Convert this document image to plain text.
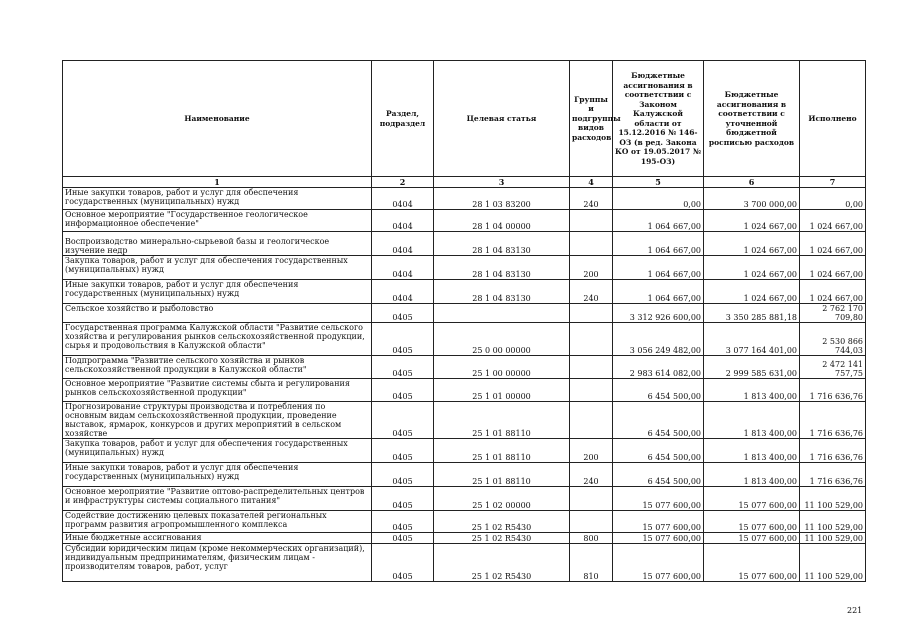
Наименование	Раздел, подраздел	Целевая статья	Группы и подгруппы видов расходов	Бюджетные ассигнования в соответствии с Законом Калужской области от 15.12.2016 № 146-ОЗ (в ред. Закона КО от 19.05.2017 № 195-ОЗ)	Бюджетные ассигнования в соответствии с уточненной бюджетной росписью расходов	Исполнено
1	2	3	4	5	6	7
Иные закупки товаров, работ и услуг для обеспечения государственных (муниципальных) нужд	0404	28 1 03 83200	240	0,00	3 700 000,00	0,00
Основное мероприятие "Государственное геологическое информационное обеспечение"	0404	28 1 04 00000		1 064 667,00	1 024 667,00	1 024 667,00
Воспроизводство минерально-сырьевой базы и геологическое изучение недр	0404	28 1 04 83130		1 064 667,00	1 024 667,00	1 024 667,00
Закупка товаров, работ и услуг для обеспечения государственных (муниципальных) нужд	0404	28 1 04 83130	200	1 064 667,00	1 024 667,00	1 024 667,00
Иные закупки товаров, работ и услуг для обеспечения государственных (муниципальных) нужд	0404	28 1 04 83130	240	1 064 667,00	1 024 667,00	1 024 667,00
Сельское хозяйство и рыболовство	0405			3 312 926 600,00	3 350 285 881,18	2 762 170 709,80
Государственная программа Калужской области "Развитие сельского хозяйства и регулирования рынков сельскохозяйственной продукции, сырья и продовольствия в Калужской области"	0405	25 0 00 00000		3 056 249 482,00	3 077 164 401,00	2 530 866 744,03
Подпрограмма "Развитие сельского хозяйства и рынков сельскохозяйственной продукции в Калужской области"	0405	25 1 00 00000		2 983 614 082,00	2 999 585 631,00	2 472 141 757,75
Основное мероприятие "Развитие системы сбыта и регулирования рынков сельскохозяйственной продукции"	0405	25 1 01 00000		6 454 500,00	1 813 400,00	1 716 636,76
Прогнозирование структуры производства и потребления по основным видам сельскохозяйственной продукции, проведение выставок, ярмарок, конкурсов и других мероприятий в сельском хозяйстве	0405	25 1 01 88110		6 454 500,00	1 813 400,00	1 716 636,76
Закупка товаров, работ и услуг для обеспечения государственных (муниципальных) нужд	0405	25 1 01 88110	200	6 454 500,00	1 813 400,00	1 716 636,76
Иные закупки товаров, работ и услуг для обеспечения государственных (муниципальных) нужд	0405	25 1 01 88110	240	6 454 500,00	1 813 400,00	1 716 636,76
Основное мероприятие "Развитие оптово-распределительных центров и инфраструктуры системы социального питания"	0405	25 1 02 00000		15 077 600,00	15 077 600,00	11 100 529,00
Содействие достижению целевых показателей региональных программ развития агропромышленного комплекса	0405	25 1 02 R5430		15 077 600,00	15 077 600,00	11 100 529,00
Иные бюджетные ассигнования	0405	25 1 02 R5430	800	15 077 600,00	15 077 600,00	11 100 529,00
Субсидии юридическим лицам (кроме некоммерческих организаций), индивидуальным предпринимателям, физическим лицам - производителям товаров, работ, услуг	0405	25 1 02 R5430	810	15 077 600,00	15 077 600,00	11 100 529,00
221
